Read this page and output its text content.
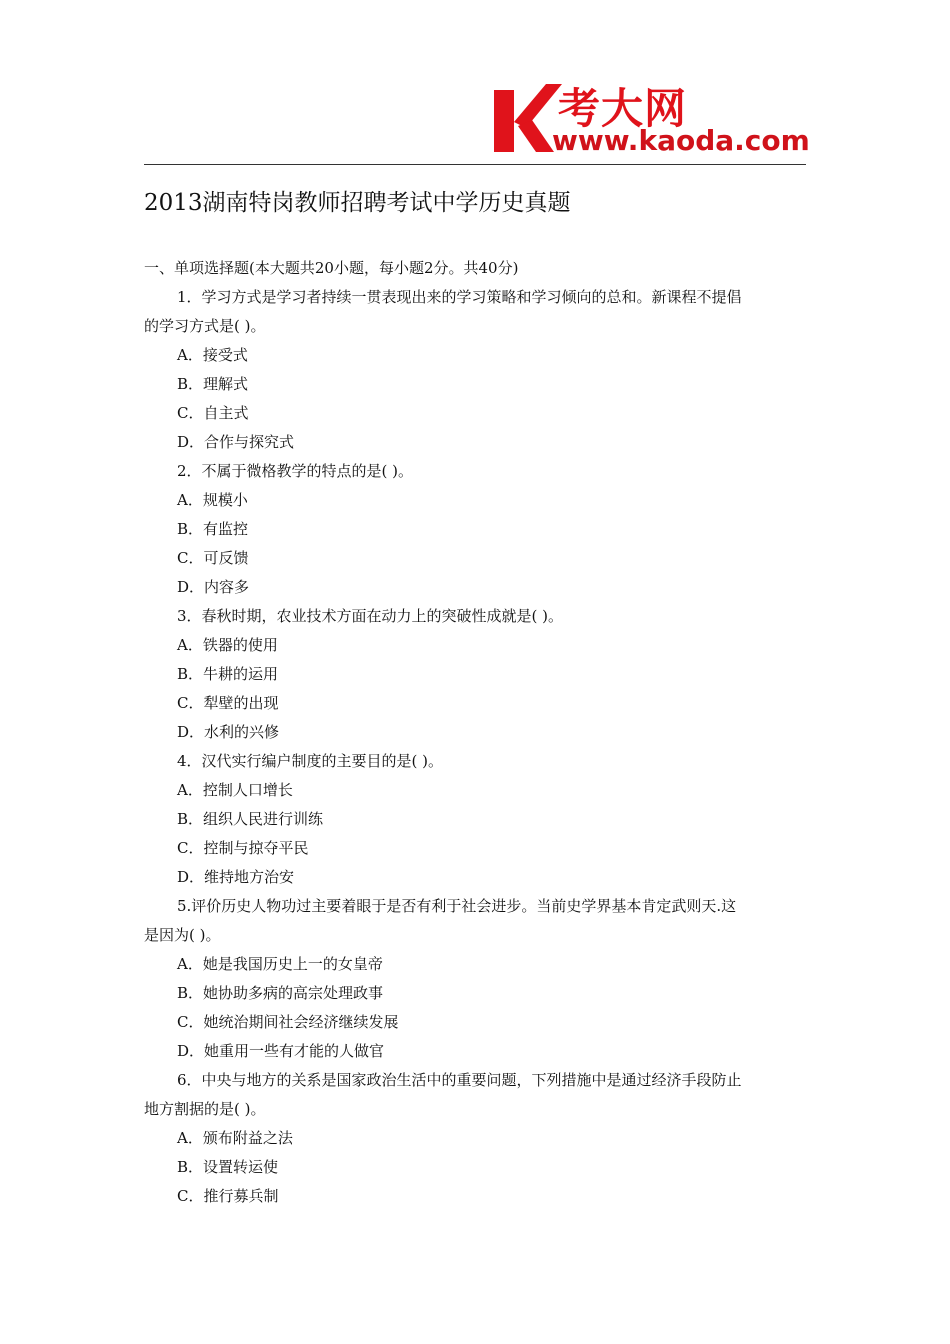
考大网
www.kaoda.com
2013湖南特岗教师招聘考试中学历史真题
一、单项选择题(本大题共20小题，每小题2分。共40分)
1．学习方式是学习者持续一贯表现出来的学习策略和学习倾向的总和。新课程不提倡
的学习方式是( )。
A．接受式
B．理解式
C．自主式
D．合作与探究式
2．不属于微格教学的特点的是( )。
A．规模小
B．有监控
C．可反馈
D．内容多
3．春秋时期，农业技术方面在动力上的突破性成就是( )。
A．铁器的使用
B．牛耕的运用
C．犁壁的出现
D．水利的兴修
4．汉代实行编户制度的主要目的是( )。
A．控制人口增长
B．组织人民进行训练
C．控制与掠夺平民
D．维持地方治安
5.评价历史人物功过主要着眼于是否有利于社会进步。当前史学界基本肯定武则天.这
是因为( )。
A．她是我国历史上一的女皇帝
B．她协助多病的高宗处理政事
C．她统治期间社会经济继续发展
D．她重用一些有才能的人做官
6．中央与地方的关系是国家政治生活中的重要问题，下列措施中是通过经济手段防止
地方割据的是( )。
A．颁布附益之法
B．设置转运使
C．推行募兵制
